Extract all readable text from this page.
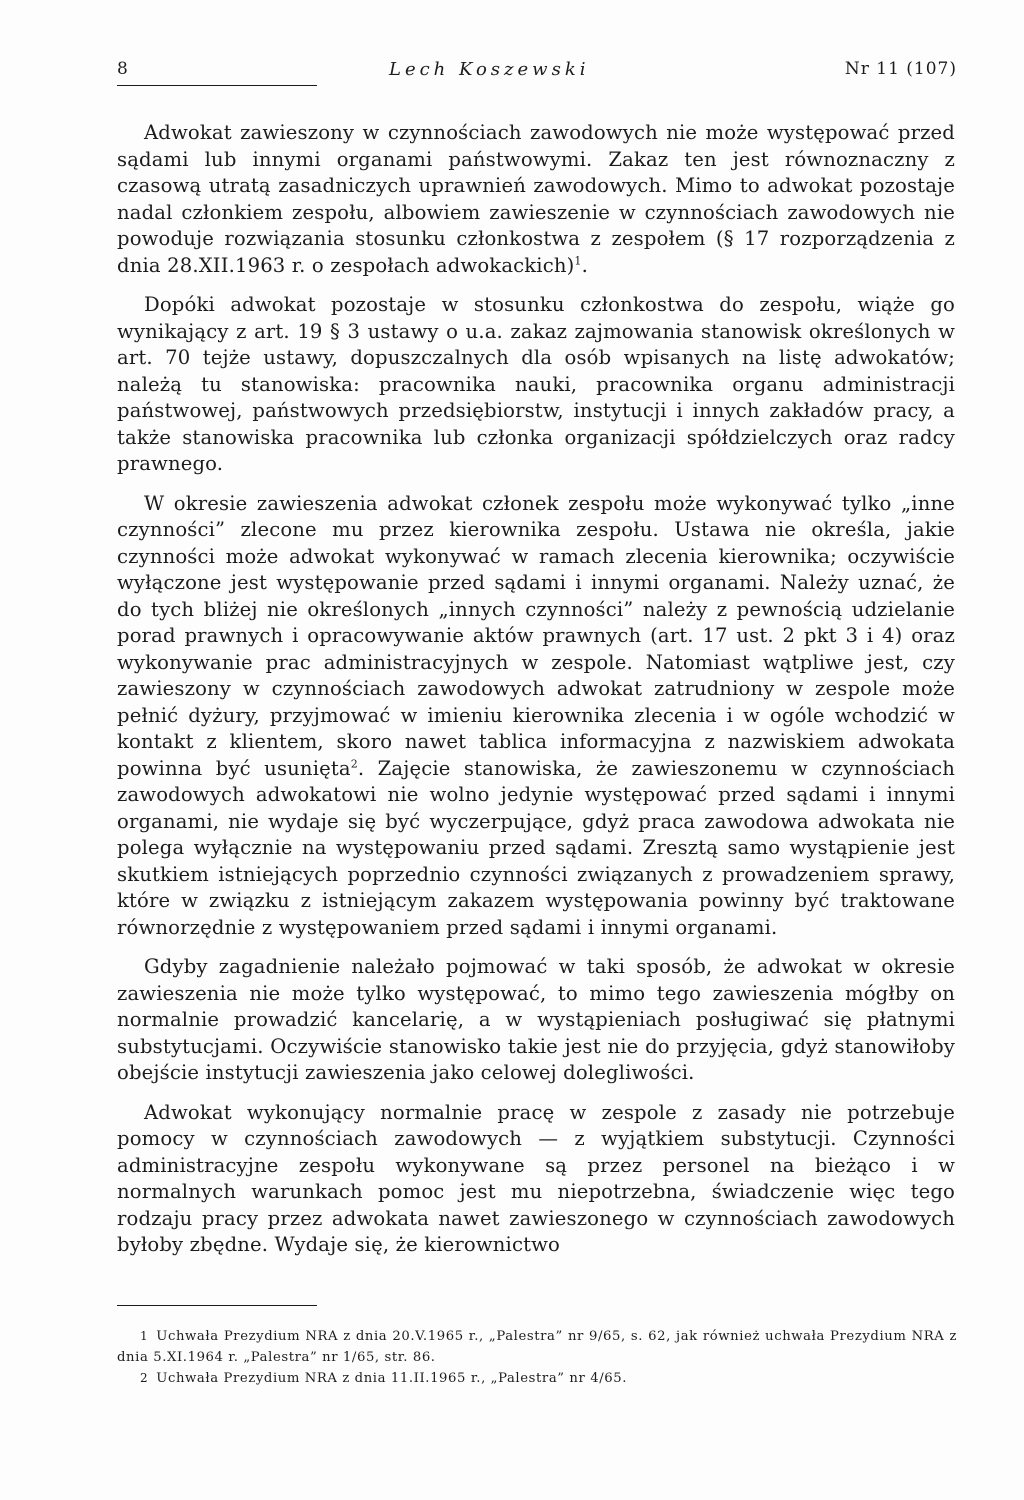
8	Lech Koszewski	Nr 11 (107)

Adwokat zawieszony w czynnościach zawodowych nie może występować przed sądami lub innymi organami państwowymi. Zakaz ten jest równoznaczny z czasową utratą zasadniczych uprawnień zawodowych. Mimo to adwokat pozostaje nadal członkiem zespołu, albowiem zawieszenie w czynnościach zawodowych nie powoduje rozwiązania stosunku członkostwa z zespołem (§ 17 rozporządzenia z dnia 28.XII.1963 r. o zespołach adwokackich)$^1$.

Dopóki adwokat pozostaje w stosunku członkostwa do zespołu, wiąże go wynikający z art. 19 § 3 ustawy o u.a. zakaz zajmowania stanowisk określonych w art. 70 tejże ustawy, dopuszczalnych dla osób wpisanych na listę adwokatów; należą tu stanowiska: pracownika nauki, pracownika organu administracji państwowej, państwowych przedsiębiorstw, instytucji i innych zakładów pracy, a także stanowiska pracownika lub członka organizacji spółdzielczych oraz radcy prawnego.

W okresie zawieszenia adwokat członek zespołu może wykonywać tylko „inne czynności” zlecone mu przez kierownika zespołu. Ustawa nie określa, jakie czynności może adwokat wykonywać w ramach zlecenia kierownika; oczywiście wyłączone jest występowanie przed sądami i innymi organami. Należy uznać, że do tych bliżej nie określonych „innych czynności” należy z pewnością udzielanie porad prawnych i opracowywanie aktów prawnych (art. 17 ust. 2 pkt 3 i 4) oraz wykonywanie prac administracyjnych w zespole. Natomiast wątpliwe jest, czy zawieszony w czynnościach zawodowych adwokat zatrudniony w zespole może pełnić dyżury, przyjmować w imieniu kierownika zlecenia i w ogóle wchodzić w kontakt z klientem, skoro nawet tablica informacyjna z nazwiskiem adwokata powinna być usunięta$^2$. Zajęcie stanowiska, że zawieszonemu w czynnościach zawodowych adwokatowi nie wolno jedynie występować przed sądami i innymi organami, nie wydaje się być wyczerpujące, gdyż praca zawodowa adwokata nie polega wyłącznie na występowaniu przed sądami. Zresztą samo wystąpienie jest skutkiem istniejących poprzednio czynności związanych z prowadzeniem sprawy, które w związku z istniejącym zakazem występowania powinny być traktowane równorzędnie z występowaniem przed sądami i innymi organami.

Gdyby zagadnienie należało pojmować w taki sposób, że adwokat w okresie zawieszenia nie może tylko występować, to mimo tego zawieszenia mógłby on normalnie prowadzić kancelarię, a w wystąpieniach posługiwać się płatnymi substytucjami. Oczywiście stanowisko takie jest nie do przyjęcia, gdyż stanowiłoby obejście instytucji zawieszenia jako celowej dolegliwości.

Adwokat wykonujący normalnie pracę w zespole z zasady nie potrzebuje pomocy w czynnościach zawodowych — z wyjątkiem substytucji. Czynności administracyjne zespołu wykonywane są przez personel na bieżąco i w normalnych warunkach pomoc jest mu niepotrzebna, świadczenie więc tego rodzaju pracy przez adwokata nawet zawieszonego w czynnościach zawodowych byłoby zbędne. Wydaje się, że kierownictwo

1 Uchwała Prezydium NRA z dnia 20.V.1965 r., „Palestra” nr 9/65, s. 62, jak również uchwała Prezydium NRA z dnia 5.XI.1964 r. „Palestra” nr 1/65, str. 86.

2 Uchwała Prezydium NRA z dnia 11.II.1965 r., „Palestra” nr 4/65.
